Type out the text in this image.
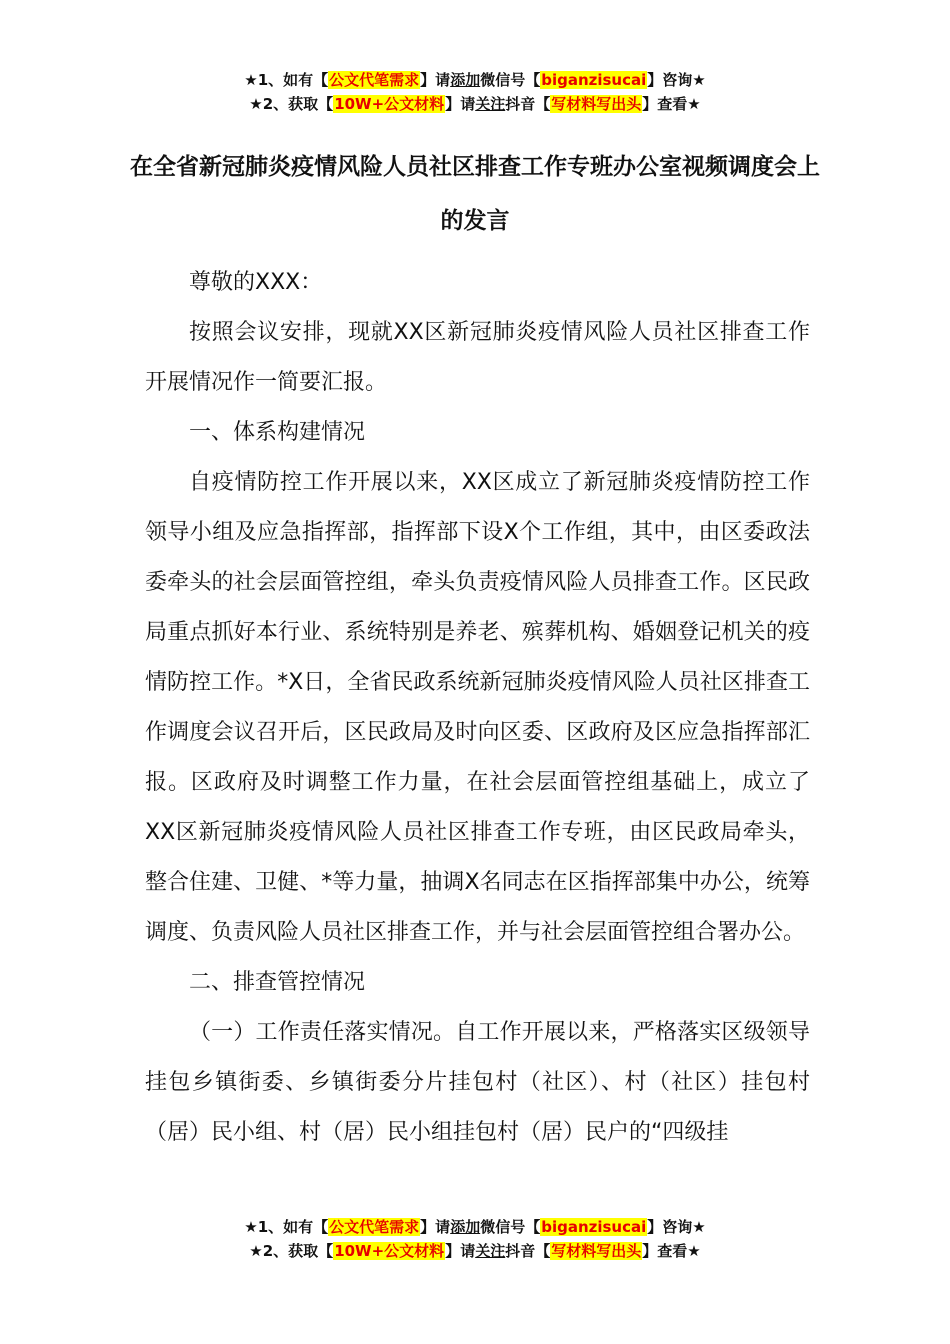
★1、如有【公文代笔需求】请添加微信号【biganzisucai】咨询★
★2、获取【10W+公文材料】请关注抖音【写材料写出头】查看★
在全省新冠肺炎疫情风险人员社区排查工作专班办公室视频调度会上的发言

尊敬的XXX：

按照会议安排，现就XX区新冠肺炎疫情风险人员社区排查工作开展情况作一简要汇报。

一、体系构建情况

自疫情防控工作开展以来，XX区成立了新冠肺炎疫情防控工作领导小组及应急指挥部，指挥部下设X个工作组，其中，由区委政法委牵头的社会层面管控组，牵头负责疫情风险人员排查工作。区民政局重点抓好本行业、系统特别是养老、殡葬机构、婚姻登记机关的疫情防控工作。*X日，全省民政系统新冠肺炎疫情风险人员社区排查工作调度会议召开后，区民政局及时向区委、区政府及区应急指挥部汇报。区政府及时调整工作力量，在社会层面管控组基础上，成立了XX区新冠肺炎疫情风险人员社区排查工作专班，由区民政局牵头，整合住建、卫健、*等力量，抽调X名同志在区指挥部集中办公，统筹调度、负责风险人员社区排查工作，并与社会层面管控组合署办公。

二、排查管控情况

（一）工作责任落实情况。自工作开展以来，严格落实区级领导挂包乡镇街委、乡镇街委分片挂包村（社区）、村（社区）挂包村（居）民小组、村（居）民小组挂包村（居）民户的“四级挂

★1、如有【公文代笔需求】请添加微信号【biganzisucai】咨询★
★2、获取【10W+公文材料】请关注抖音【写材料写出头】查看★
